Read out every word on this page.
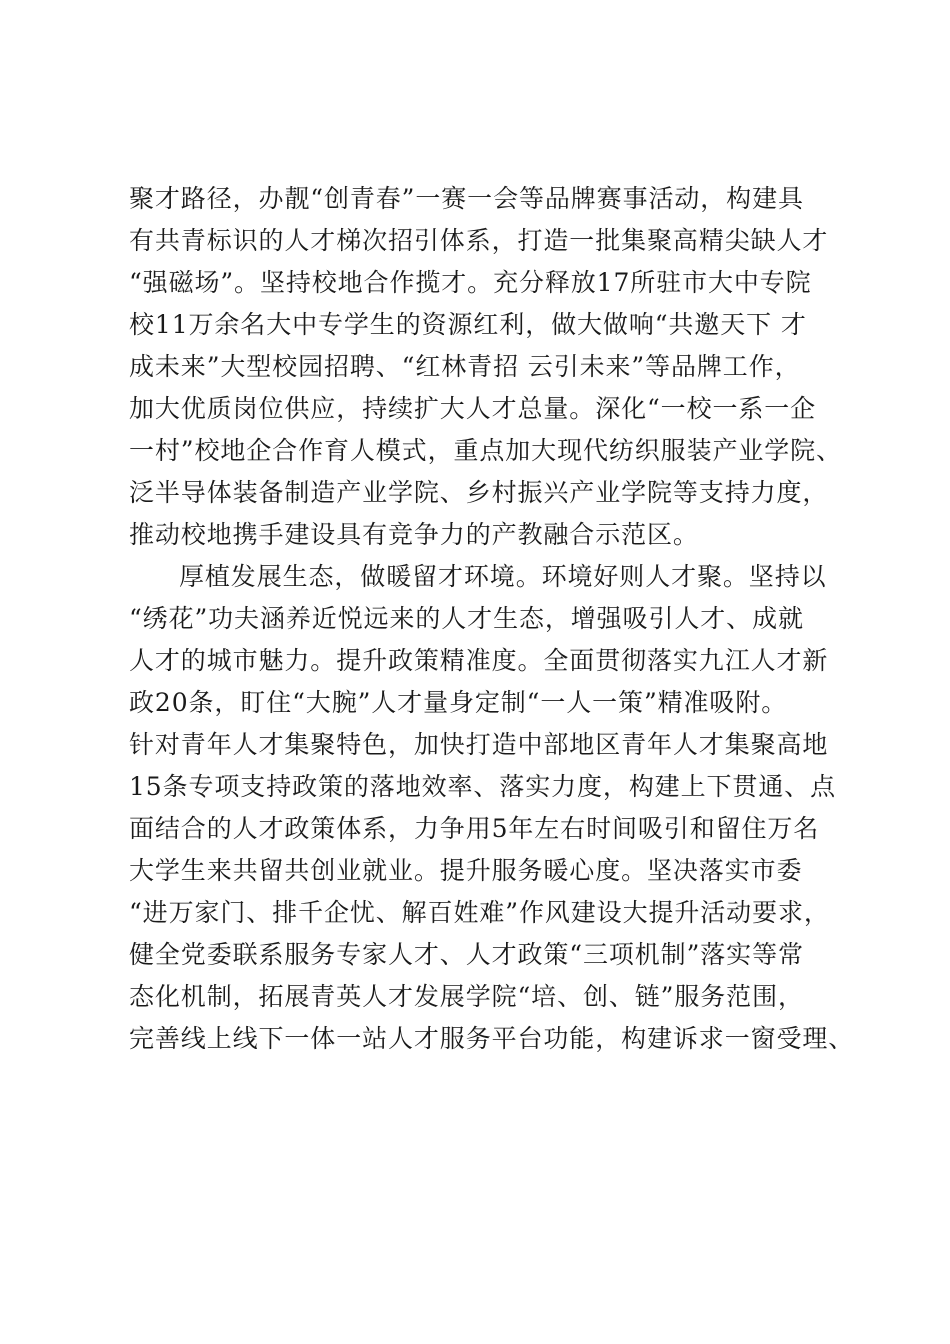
聚才路径，办靓“创青春”一赛一会等品牌赛事活动，构建具
有共青标识的人才梯次招引体系，打造一批集聚高精尖缺人才
“强磁场”。坚持校地合作揽才。充分释放17所驻市大中专院
校11万余名大中专学生的资源红利，做大做响“共邀天下 才
成未来”大型校园招聘、“红林青招 云引未来”等品牌工作，
加大优质岗位供应，持续扩大人才总量。深化“一校一系一企
一村”校地企合作育人模式，重点加大现代纺织服装产业学院、
泛半导体装备制造产业学院、乡村振兴产业学院等支持力度，
推动校地携手建设具有竞争力的产教融合示范区。
厚植发展生态，做暖留才环境。环境好则人才聚。坚持以
“绣花”功夫涵养近悦远来的人才生态，增强吸引人才、成就
人才的城市魅力。提升政策精准度。全面贯彻落实九江人才新
政20条，盯住“大腕”人才量身定制“一人一策”精准吸附。
针对青年人才集聚特色，加快打造中部地区青年人才集聚高地
15条专项支持政策的落地效率、落实力度，构建上下贯通、点
面结合的人才政策体系，力争用5年左右时间吸引和留住万名
大学生来共留共创业就业。提升服务暖心度。坚决落实市委
“进万家门、排千企忧、解百姓难”作风建设大提升活动要求，
健全党委联系服务专家人才、人才政策“三项机制”落实等常
态化机制，拓展青英人才发展学院“培、创、链”服务范围，
完善线上线下一体一站人才服务平台功能，构建诉求一窗受理、
